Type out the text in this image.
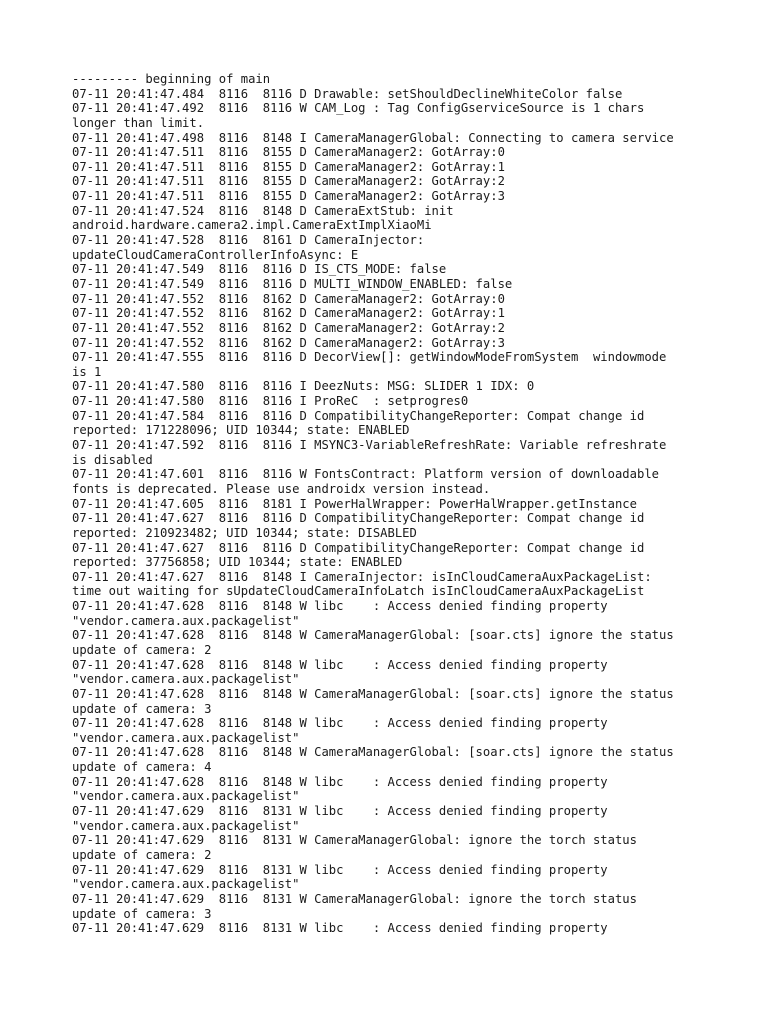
--------- beginning of main
07-11 20:41:47.484  8116  8116 D Drawable: setShouldDeclineWhiteColor false
07-11 20:41:47.492  8116  8116 W CAM_Log : Tag ConfigGserviceSource is 1 chars
longer than limit.
07-11 20:41:47.498  8116  8148 I CameraManagerGlobal: Connecting to camera service
07-11 20:41:47.511  8116  8155 D CameraManager2: GotArray:0
07-11 20:41:47.511  8116  8155 D CameraManager2: GotArray:1
07-11 20:41:47.511  8116  8155 D CameraManager2: GotArray:2
07-11 20:41:47.511  8116  8155 D CameraManager2: GotArray:3
07-11 20:41:47.524  8116  8148 D CameraExtStub: init
android.hardware.camera2.impl.CameraExtImplXiaoMi
07-11 20:41:47.528  8116  8161 D CameraInjector:
updateCloudCameraControllerInfoAsync: E
07-11 20:41:47.549  8116  8116 D IS_CTS_MODE: false
07-11 20:41:47.549  8116  8116 D MULTI_WINDOW_ENABLED: false
07-11 20:41:47.552  8116  8162 D CameraManager2: GotArray:0
07-11 20:41:47.552  8116  8162 D CameraManager2: GotArray:1
07-11 20:41:47.552  8116  8162 D CameraManager2: GotArray:2
07-11 20:41:47.552  8116  8162 D CameraManager2: GotArray:3
07-11 20:41:47.555  8116  8116 D DecorView[]: getWindowModeFromSystem  windowmode
is 1
07-11 20:41:47.580  8116  8116 I DeezNuts: MSG: SLIDER 1 IDX: 0
07-11 20:41:47.580  8116  8116 I ProReC  : setprogres0
07-11 20:41:47.584  8116  8116 D CompatibilityChangeReporter: Compat change id
reported: 171228096; UID 10344; state: ENABLED
07-11 20:41:47.592  8116  8116 I MSYNC3-VariableRefreshRate: Variable refreshrate
is disabled
07-11 20:41:47.601  8116  8116 W FontsContract: Platform version of downloadable
fonts is deprecated. Please use androidx version instead.
07-11 20:41:47.605  8116  8181 I PowerHalWrapper: PowerHalWrapper.getInstance
07-11 20:41:47.627  8116  8116 D CompatibilityChangeReporter: Compat change id
reported: 210923482; UID 10344; state: DISABLED
07-11 20:41:47.627  8116  8116 D CompatibilityChangeReporter: Compat change id
reported: 37756858; UID 10344; state: ENABLED
07-11 20:41:47.627  8116  8148 I CameraInjector: isInCloudCameraAuxPackageList:
time out waiting for sUpdateCloudCameraInfoLatch isInCloudCameraAuxPackageList
07-11 20:41:47.628  8116  8148 W libc    : Access denied finding property
"vendor.camera.aux.packagelist"
07-11 20:41:47.628  8116  8148 W CameraManagerGlobal: [soar.cts] ignore the status
update of camera: 2
07-11 20:41:47.628  8116  8148 W libc    : Access denied finding property
"vendor.camera.aux.packagelist"
07-11 20:41:47.628  8116  8148 W CameraManagerGlobal: [soar.cts] ignore the status
update of camera: 3
07-11 20:41:47.628  8116  8148 W libc    : Access denied finding property
"vendor.camera.aux.packagelist"
07-11 20:41:47.628  8116  8148 W CameraManagerGlobal: [soar.cts] ignore the status
update of camera: 4
07-11 20:41:47.628  8116  8148 W libc    : Access denied finding property
"vendor.camera.aux.packagelist"
07-11 20:41:47.629  8116  8131 W libc    : Access denied finding property
"vendor.camera.aux.packagelist"
07-11 20:41:47.629  8116  8131 W CameraManagerGlobal: ignore the torch status
update of camera: 2
07-11 20:41:47.629  8116  8131 W libc    : Access denied finding property
"vendor.camera.aux.packagelist"
07-11 20:41:47.629  8116  8131 W CameraManagerGlobal: ignore the torch status
update of camera: 3
07-11 20:41:47.629  8116  8131 W libc    : Access denied finding property
